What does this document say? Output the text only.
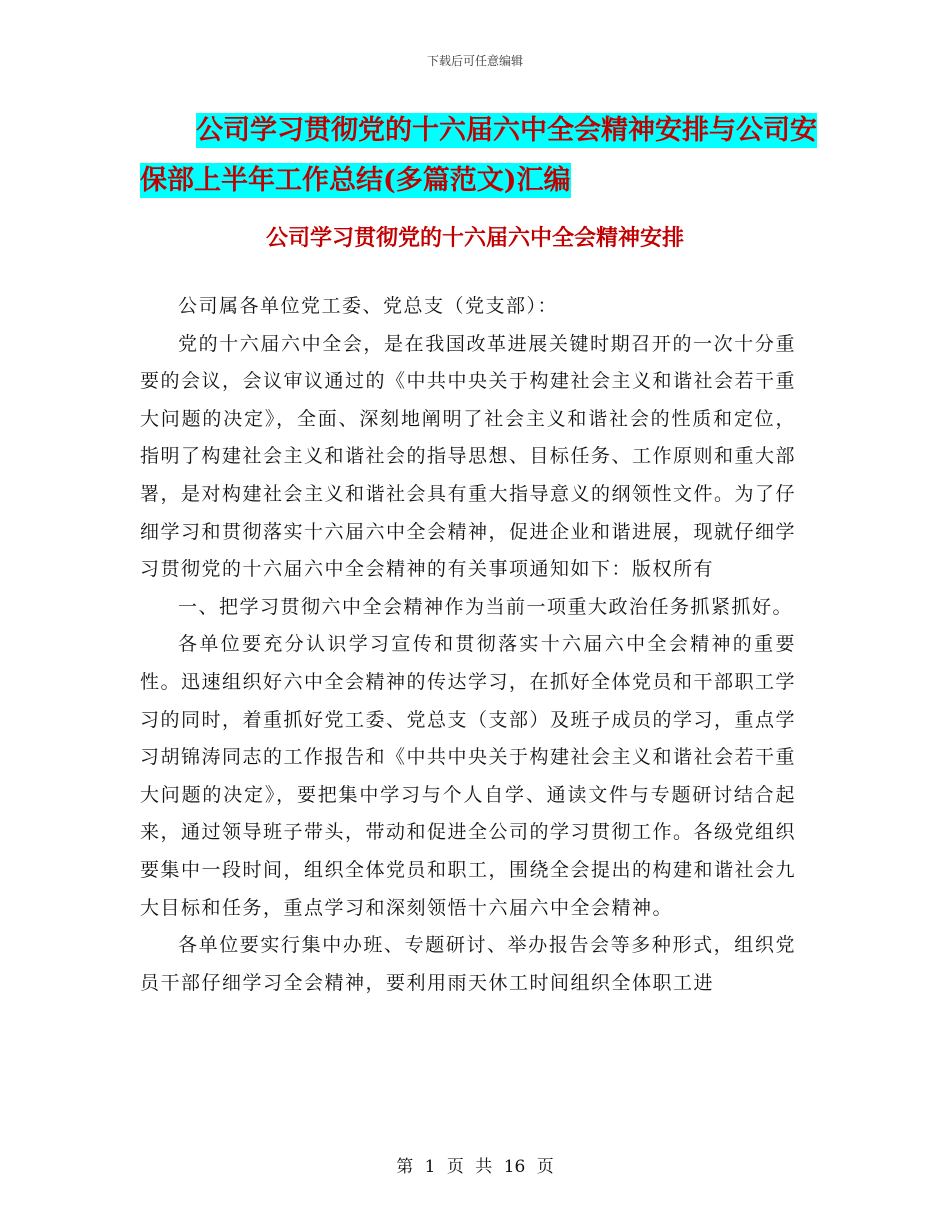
下载后可任意编辑
公司学习贯彻党的十六届六中全会精神安排与公司安
保部上半年工作总结(多篇范文)汇编
公司学习贯彻党的十六届六中全会精神安排

公司属各单位党工委、党总支（党支部）：

党的十六届六中全会，是在我国改革进展关键时期召开的一次十分重要的会议，会议审议通过的《中共中央关于构建社会主义和谐社会若干重大问题的决定》，全面、深刻地阐明了社会主义和谐社会的性质和定位，指明了构建社会主义和谐社会的指导思想、目标任务、工作原则和重大部署，是对构建社会主义和谐社会具有重大指导意义的纲领性文件。为了仔细学习和贯彻落实十六届六中全会精神，促进企业和谐进展，现就仔细学习贯彻党的十六届六中全会精神的有关事项通知如下：版权所有

一、把学习贯彻六中全会精神作为当前一项重大政治任务抓紧抓好。

各单位要充分认识学习宣传和贯彻落实十六届六中全会精神的重要性。迅速组织好六中全会精神的传达学习，在抓好全体党员和干部职工学习的同时，着重抓好党工委、党总支（支部）及班子成员的学习，重点学习胡锦涛同志的工作报告和《中共中央关于构建社会主义和谐社会若干重大问题的决定》，要把集中学习与个人自学、通读文件与专题研讨结合起来，通过领导班子带头，带动和促进全公司的学习贯彻工作。各级党组织要集中一段时间，组织全体党员和职工，围绕全会提出的构建和谐社会九大目标和任务，重点学习和深刻领悟十六届六中全会精神。

各单位要实行集中办班、专题研讨、举办报告会等多种形式，组织党员干部仔细学习全会精神，要利用雨天休工时间组织全体职工进

第 1 页 共 16 页
